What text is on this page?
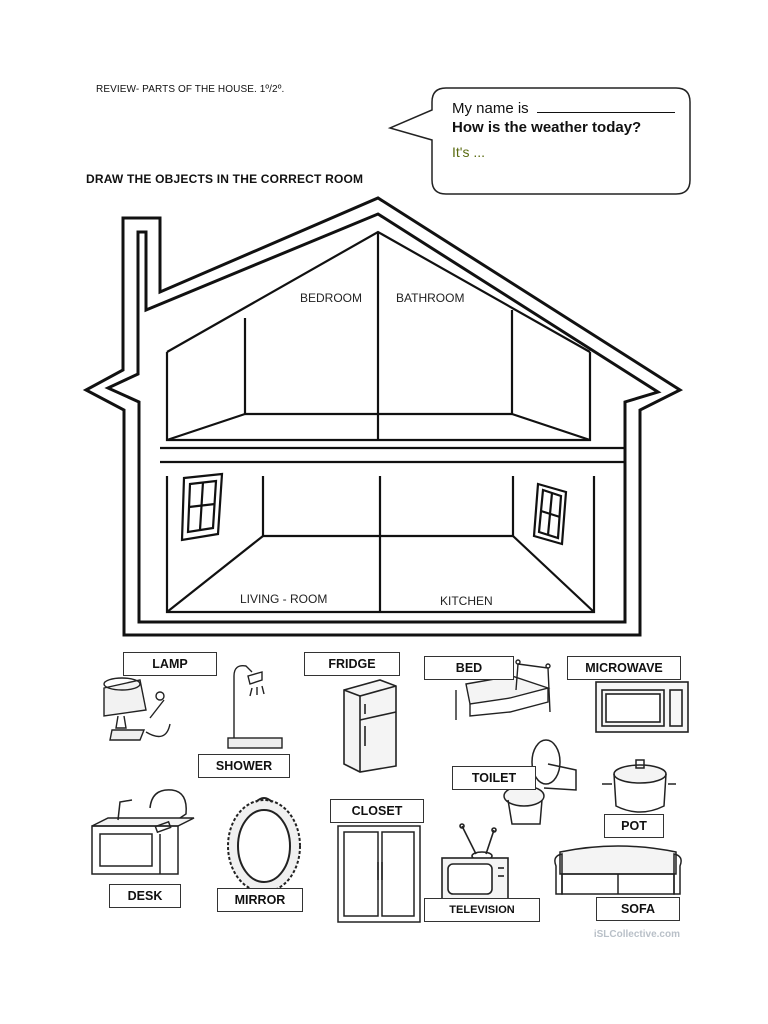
REVIEW- PARTS OF THE HOUSE. 1º/2º.
DRAW THE OBJECTS IN THE CORRECT ROOM
My name is
How is the weather today?
It's ...
BEDROOM	BATHROOM
LIVING - ROOM	KITCHEN
LAMP	FRIDGE	BED	MICROWAVE
SHOWER
TOILET
POT
DESK	MIRROR
CLOSET
TELEVISION	SOFA
iSLCollective.com
